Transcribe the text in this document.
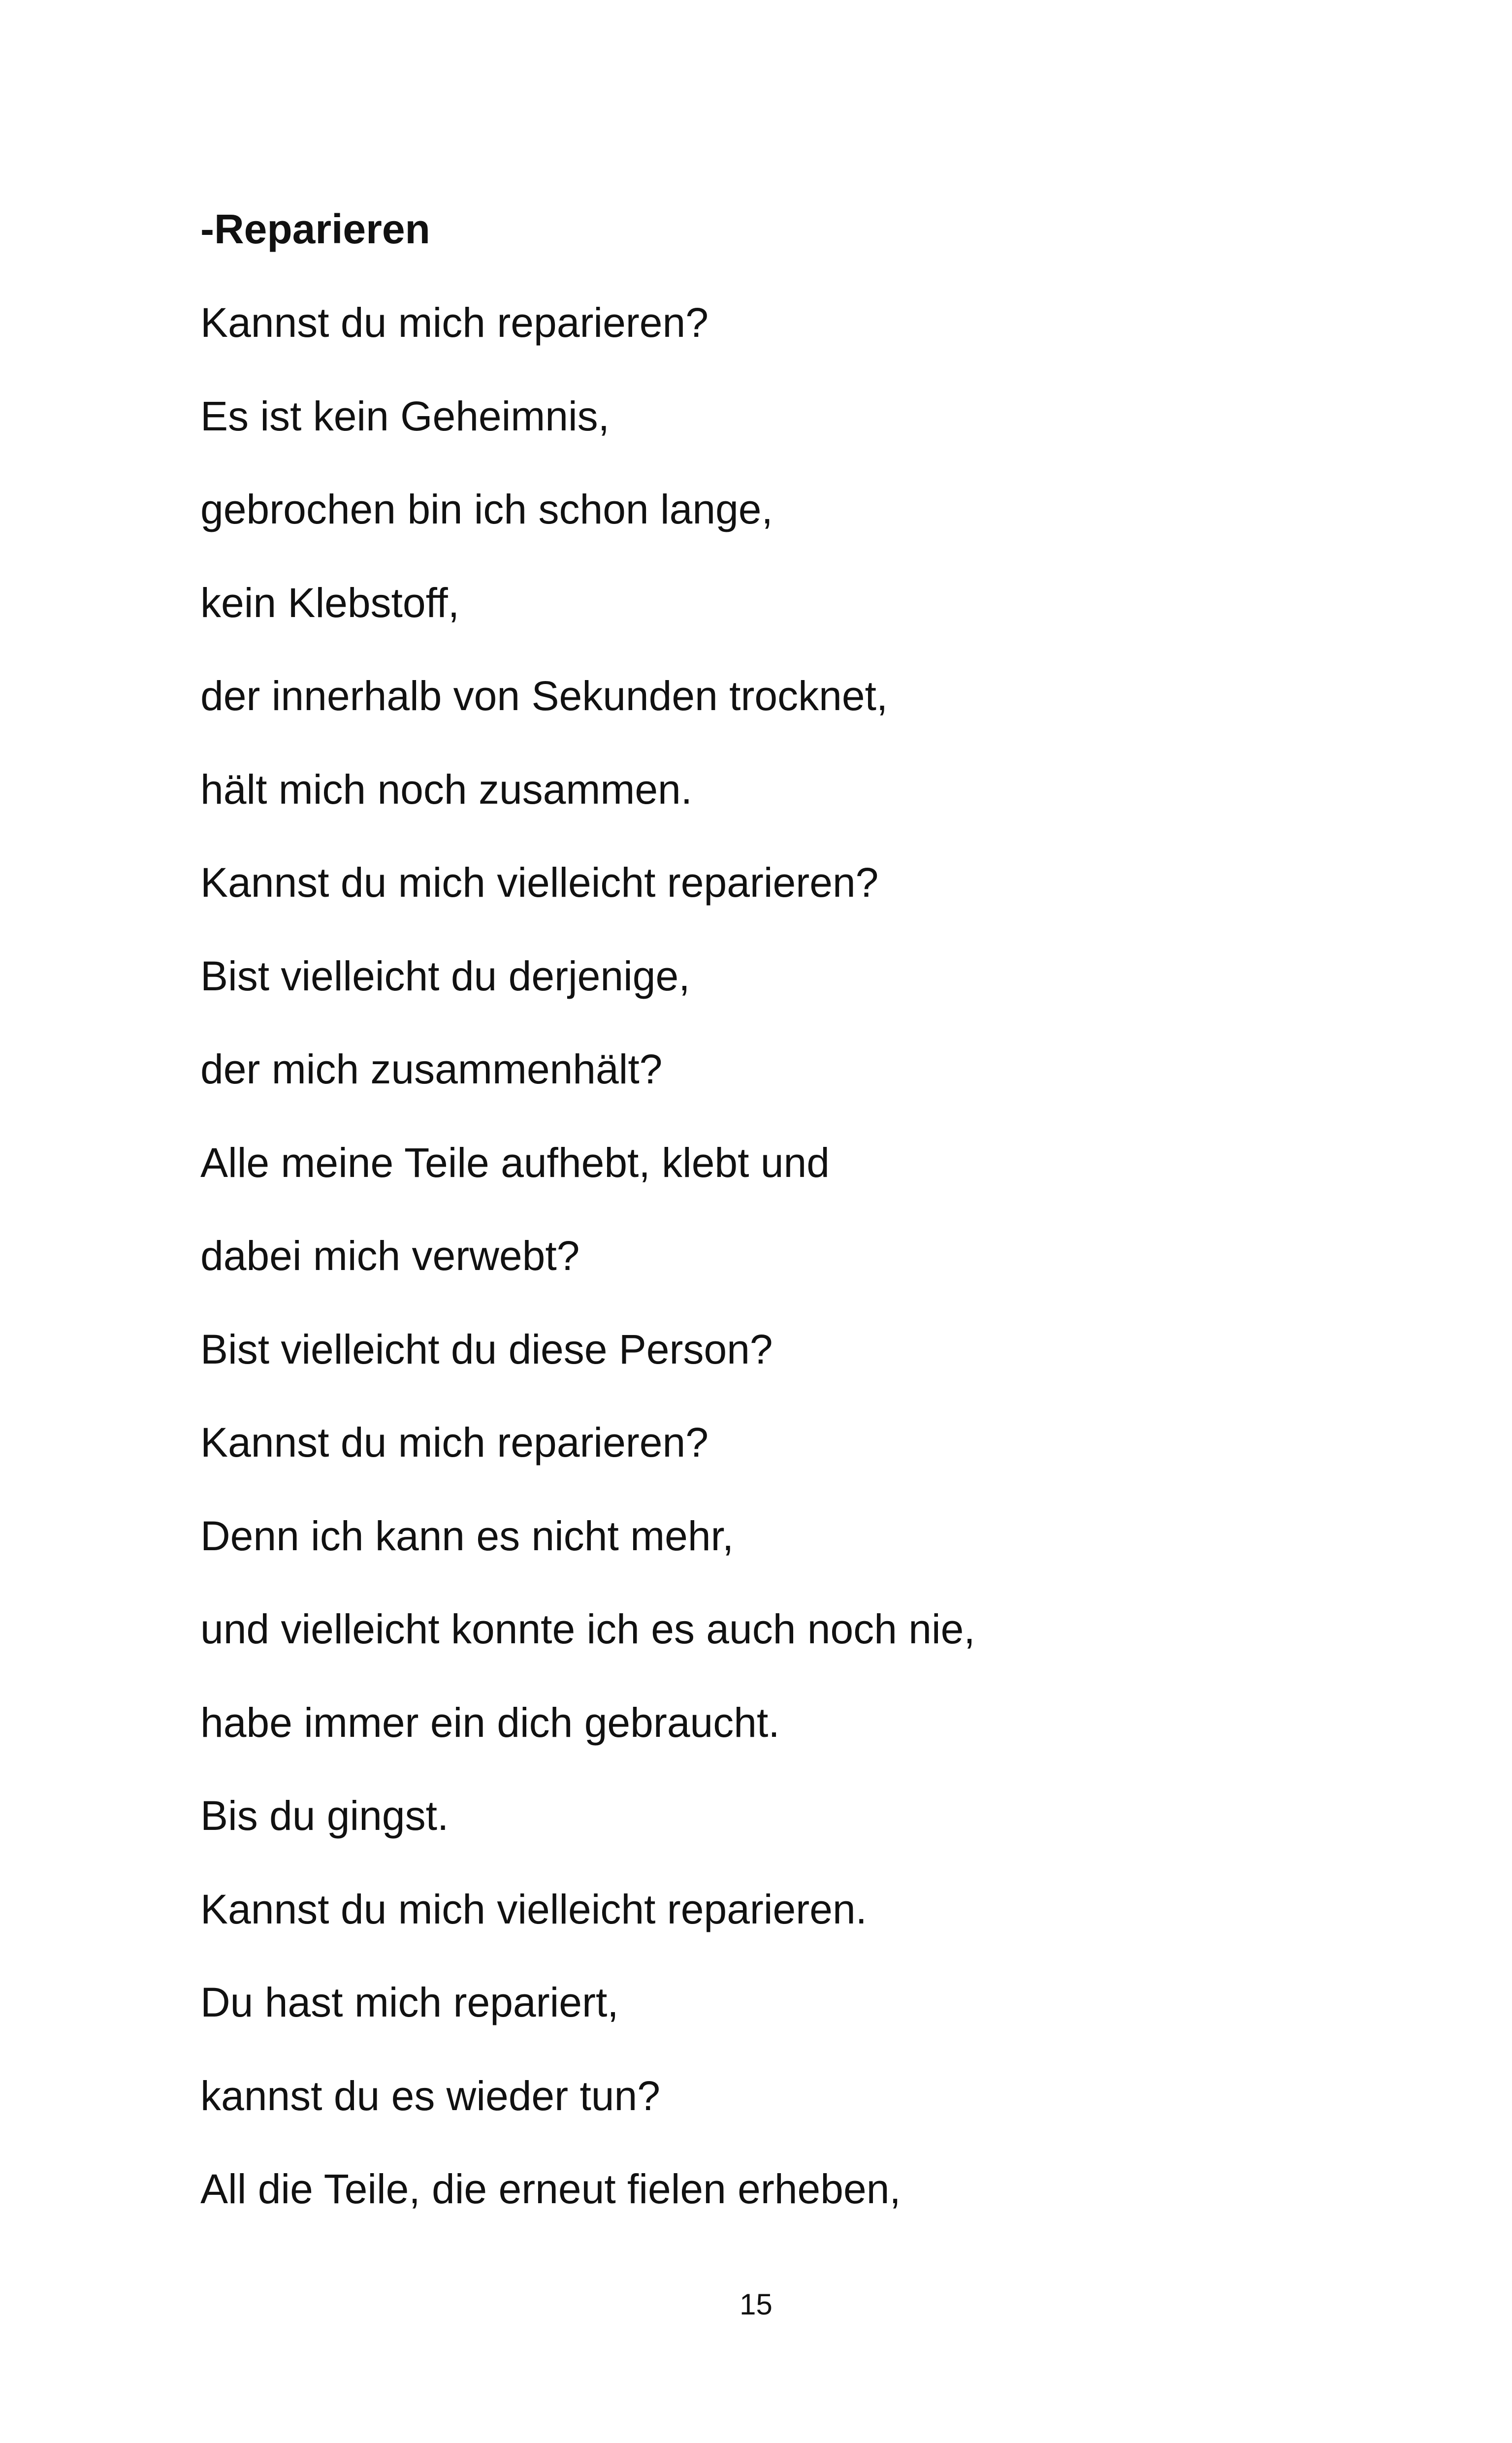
-Reparieren

Kannst du mich reparieren?

Es ist kein Geheimnis,

gebrochen bin ich schon lange,

kein Klebstoff,

der innerhalb von Sekunden trocknet,

hält mich noch zusammen.

Kannst du mich vielleicht reparieren?

Bist vielleicht du derjenige,

der mich zusammenhält?

Alle meine Teile aufhebt, klebt und

dabei mich verwebt?

Bist vielleicht du diese Person?

Kannst du mich reparieren?

Denn ich kann es nicht mehr,

und vielleicht konnte ich es auch noch nie,

habe immer ein dich gebraucht.

Bis du gingst.

Kannst du mich vielleicht reparieren.

Du hast mich repariert,

kannst du es wieder tun?

All die Teile, die erneut fielen erheben,

15
